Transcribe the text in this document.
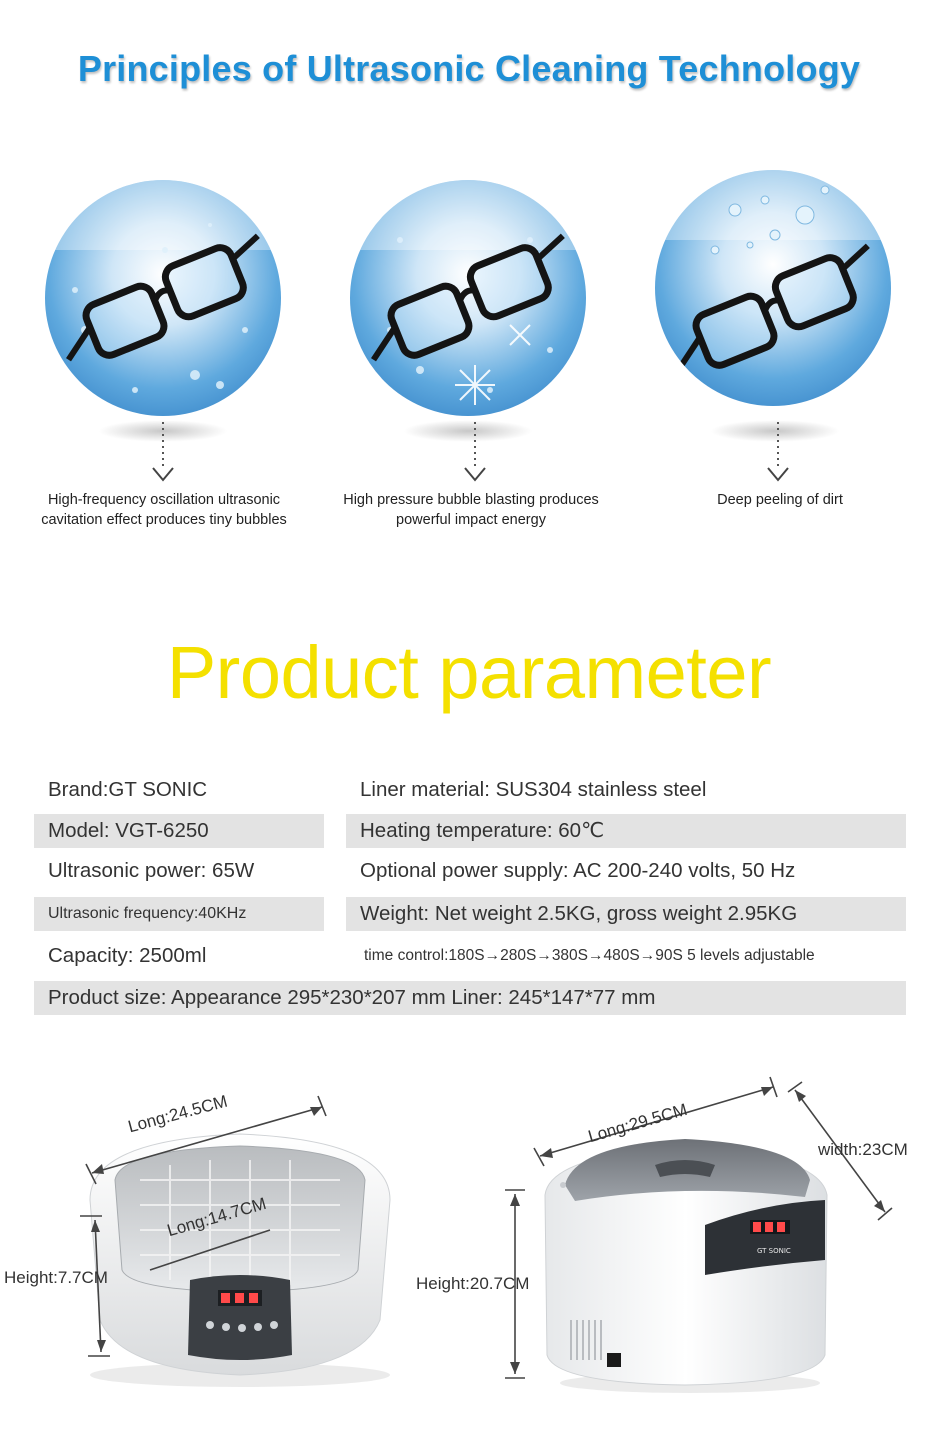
Principles of Ultrasonic Cleaning Technology
High-frequency oscillation ultrasonic
cavitation effect produces tiny bubbles
High pressure bubble blasting produces
powerful impact energy
Deep peeling of dirt
Product parameter
Brand:GT SONIC	Liner material: SUS304 stainless steel
Model: VGT-6250	Heating temperature: 60℃
Ultrasonic power: 65W	Optional power supply: AC 200-240 volts, 50 Hz
Ultrasonic frequency:40KHz	Weight: Net weight 2.5KG, gross weight 2.95KG
Capacity: 2500ml	time control:180S→280S→380S→480S→90S 5 levels adjustable
Product size: Appearance 295*230*207 mm Liner: 245*147*77 mm
GT SONIC
Long:24.5CM
Long:14.7CM
Height:7.7CM
Long:29.5CM
width:23CM
Height:20.7CM
